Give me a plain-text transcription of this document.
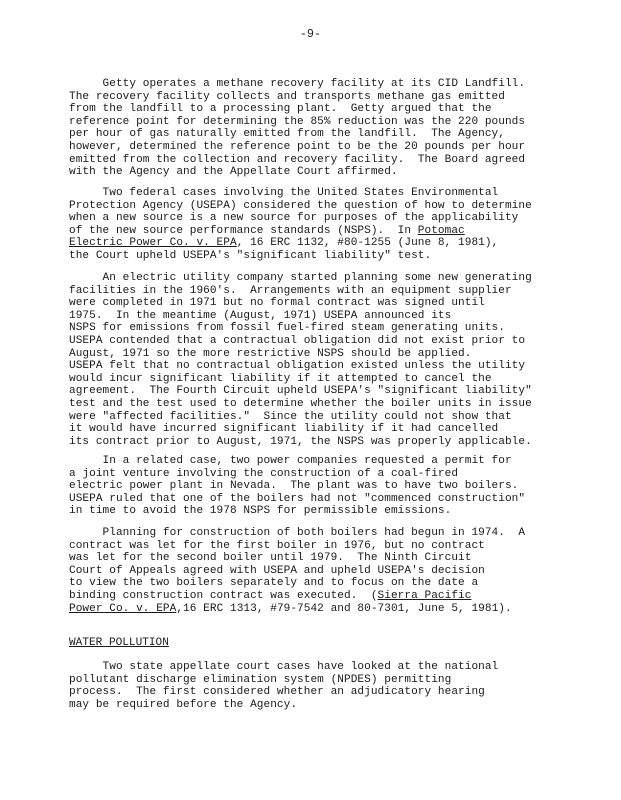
-9-
Getty operates a methane recovery facility at its CID Landfill.
The recovery facility collects and transports methane gas emitted
from the landfill to a processing plant.  Getty argued that the
reference point for determining the 85% reduction was the 220 pounds
per hour of gas naturally emitted from the landfill.  The Agency,
however, determined the reference point to be the 20 pounds per hour
emitted from the collection and recovery facility.  The Board agreed
with the Agency and the Appellate Court affirmed.
Two federal cases involving the United States Environmental
Protection Agency (USEPA) considered the question of how to determine
when a new source is a new source for purposes of the applicability
of the new source performance standards (NSPS).  In Potomac
Electric Power Co. v. EPA, 16 ERC 1132, #80-1255 (June 8, 1981),
the Court upheld USEPA's "significant liability" test.
An electric utility company started planning some new generating
facilities in the 1960's.  Arrangements with an equipment supplier
were completed in 1971 but no formal contract was signed until
1975.  In the meantime (August, 1971) USEPA announced its
NSPS for emissions from fossil fuel-fired steam generating units.
USEPA contended that a contractual obligation did not exist prior to
August, 1971 so the more restrictive NSPS should be applied.
USEPA felt that no contractual obligation existed unless the utility
would incur significant liability if it attempted to cancel the
agreement.  The Fourth Circuit upheld USEPA's "significant liability"
test and the test used to determine whether the boiler units in issue
were "affected facilities."  Since the utility could not show that
it would have incurred significant liability if it had cancelled
its contract prior to August, 1971, the NSPS was properly applicable.
In a related case, two power companies requested a permit for
a joint venture involving the construction of a coal-fired
electric power plant in Nevada.  The plant was to have two boilers.
USEPA ruled that one of the boilers had not "commenced construction"
in time to avoid the 1978 NSPS for permissible emissions.
Planning for construction of both boilers had begun in 1974.  A
contract was let for the first boiler in 1976, but no contract
was let for the second boiler until 1979.  The Ninth Circuit
Court of Appeals agreed with USEPA and upheld USEPA's decision
to view the two boilers separately and to focus on the date a
binding construction contract was executed.  (Sierra Pacific
Power Co. v. EPA,16 ERC 1313, #79-7542 and 80-7301, June 5, 1981).
WATER POLLUTION
Two state appellate court cases have looked at the national
pollutant discharge elimination system (NPDES) permitting
process.  The first considered whether an adjudicatory hearing
may be required before the Agency.
